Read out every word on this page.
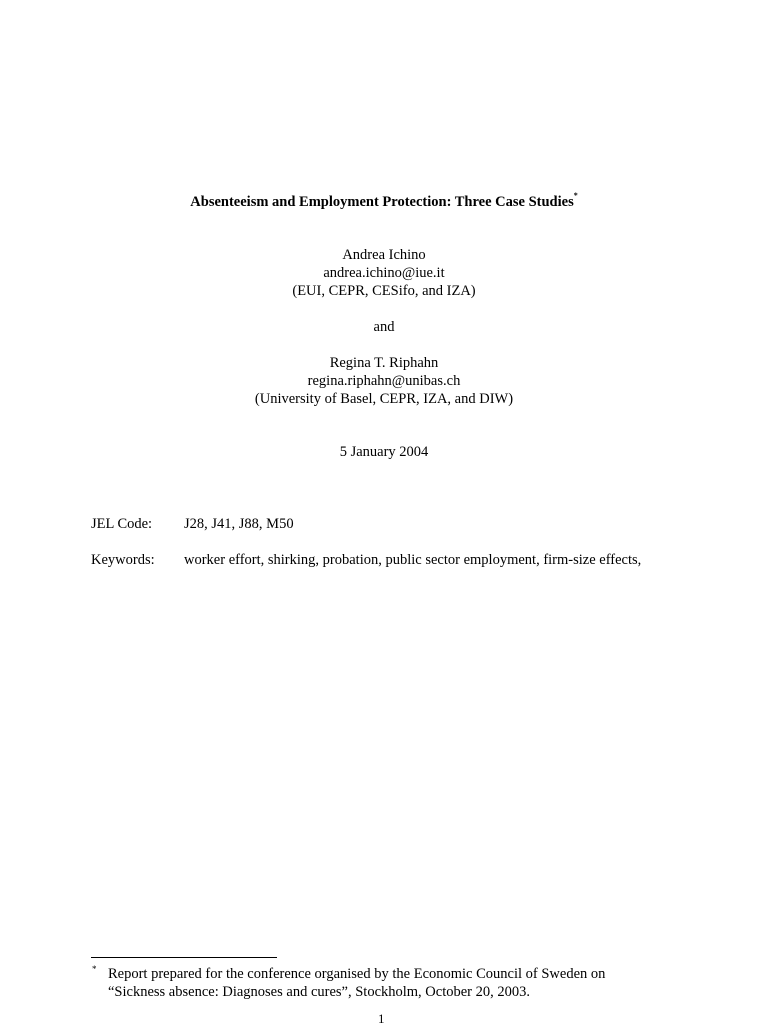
Absenteeism and Employment Protection: Three Case Studies*
Andrea Ichino
andrea.ichino@iue.it
(EUI, CEPR, CESifo, and IZA)
and
Regina T. Riphahn
regina.riphahn@unibas.ch
(University of Basel, CEPR, IZA, and DIW)
5 January 2004
JEL Code: J28, J41, J88, M50
Keywords: worker effort, shirking, probation, public sector employment, firm-size effects,
* Report prepared for the conference organised by the Economic Council of Sweden on
“Sickness absence: Diagnoses and cures”, Stockholm, October 20, 2003.
1
